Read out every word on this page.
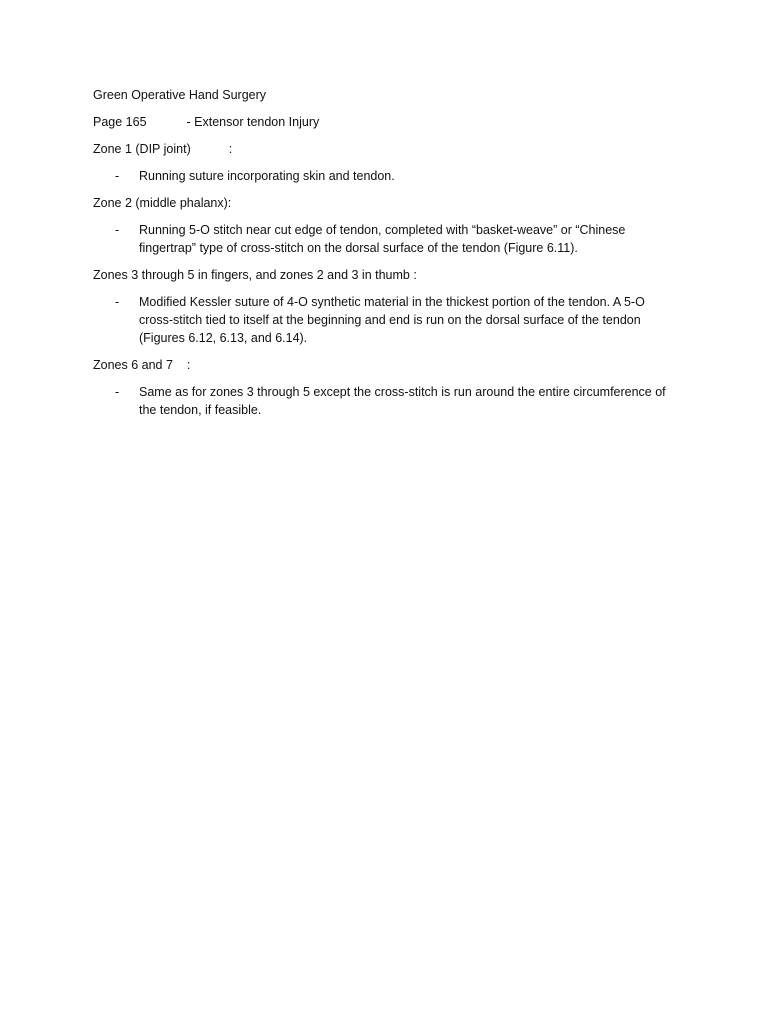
Green Operative Hand Surgery

Page 165	- Extensor tendon Injury

Zone 1 (DIP joint)	:

-	Running suture incorporating skin and tendon.

Zone 2 (middle phalanx):

-	Running 5-O stitch near cut edge of tendon, completed with “basket-weave” or “Chinese fingertrap” type of cross-stitch on the dorsal surface of the tendon (Figure 6.11).

Zones 3 through 5 in fingers, and zones 2 and 3 in thumb :

-	Modified Kessler suture of 4-O synthetic material in the thickest portion of the tendon. A 5-O cross-stitch tied to itself at the beginning and end is run on the dorsal surface of the tendon (Figures 6.12, 6.13, and 6.14).

Zones 6 and 7 :

-	Same as for zones 3 through 5 except the cross-stitch is run around the entire circumference of the tendon, if feasible.
